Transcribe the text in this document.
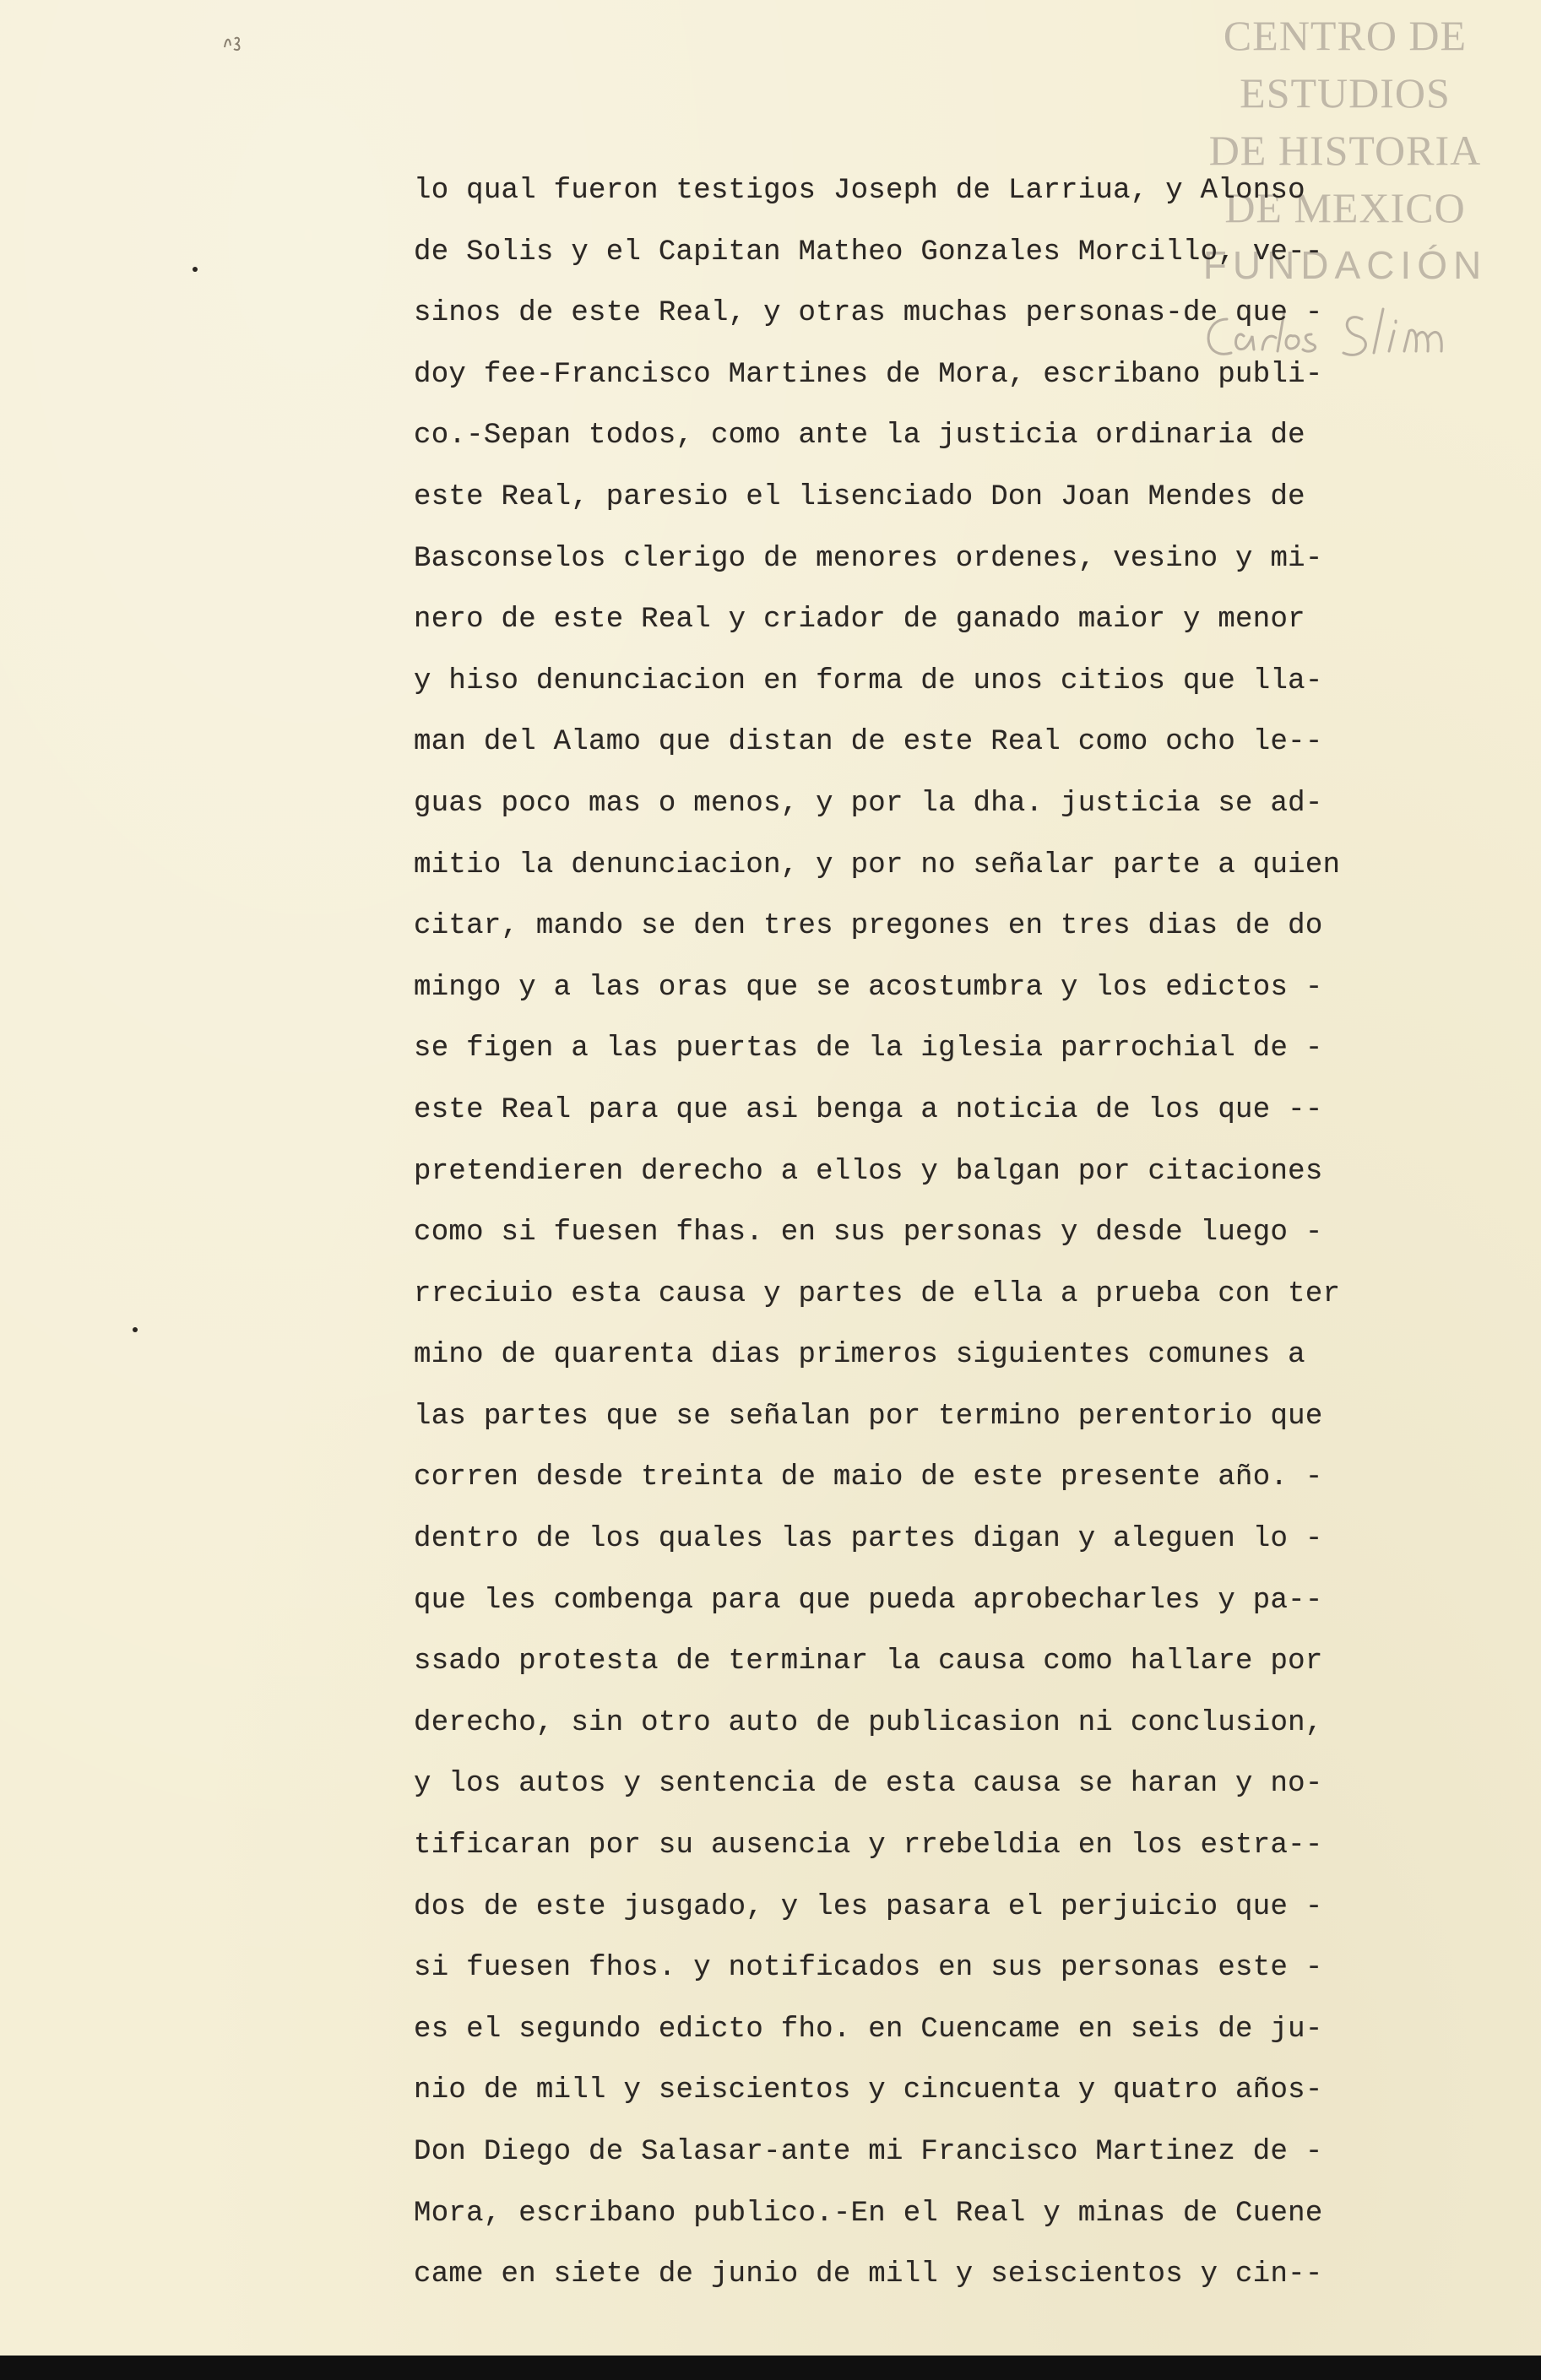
CENTRO DE
ESTUDIOS
DE HISTORIA
DE MEXICO
FUNDACIÓN
lo qual fueron testigos Joseph de Larriua, y Alonso
de Solis y el Capitan Matheo Gonzales Morcillo, ve--
sinos de este Real, y otras muchas personas-de que -
doy fee-Francisco Martines de Mora, escribano publi-
co.-Sepan todos, como ante la justicia ordinaria de
este Real, paresio el lisenciado Don Joan Mendes de
Basconselos clerigo de menores ordenes, vesino y mi-
nero de este Real y criador de ganado maior y menor
y hiso denunciacion en forma de unos citios que lla-
man del Alamo que distan de este Real como ocho le--
guas poco mas o menos, y por la dha. justicia se ad-
mitio la denunciacion, y por no señalar parte a quien
citar, mando se den tres pregones en tres dias de do
mingo y a las oras que se acostumbra y los edictos -
se figen a las puertas de la iglesia parrochial de -
este Real para que asi benga a noticia de los que --
pretendieren derecho a ellos y balgan por citaciones
como si fuesen fhas. en sus personas y desde luego -
rreciuio esta causa y partes de ella a prueba con ter
mino de quarenta dias primeros siguientes comunes a
las partes que se señalan por termino perentorio que
corren desde treinta de maio de este presente año. -
dentro de los quales las partes digan y aleguen lo -
que les combenga para que pueda aprobecharles y pa--
ssado protesta de terminar la causa como hallare por
derecho, sin otro auto de publicasion ni conclusion,
y los autos y sentencia de esta causa se haran y no-
tificaran por su ausencia y rrebeldia en los estra--
dos de este jusgado, y les pasara el perjuicio que -
si fuesen fhos. y notificados en sus personas este -
es el segundo edicto fho. en Cuencame en seis de ju-
nio de mill y seiscientos y cincuenta y quatro años-
Don Diego de Salasar-ante mi Francisco Martinez de -
Mora, escribano publico.-En el Real y minas de Cuene
came en siete de junio de mill y seiscientos y cin--
